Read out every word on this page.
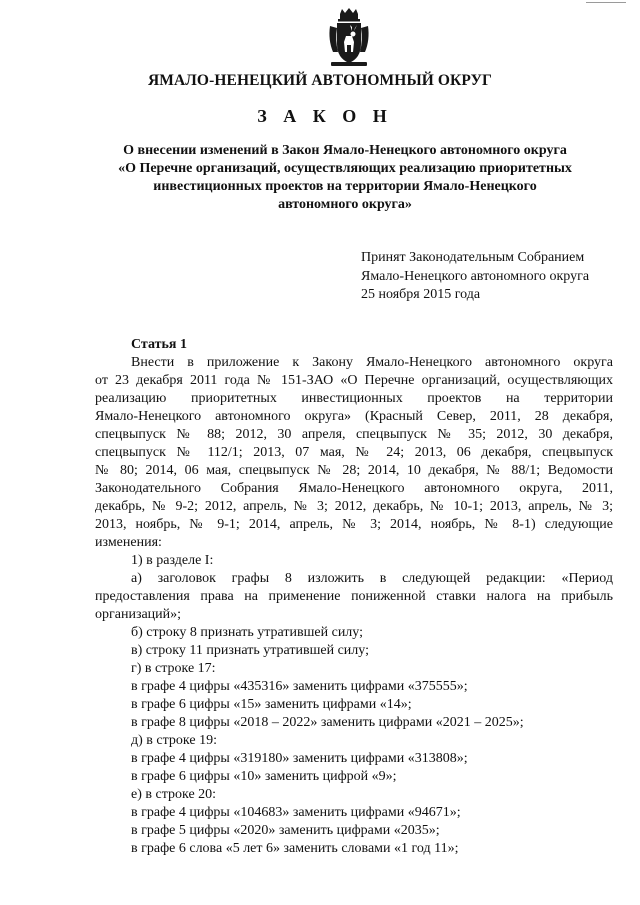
ЯМАЛО-НЕНЕЦКИЙ АВТОНОМНЫЙ ОКРУГ
З А К О Н
О внесении изменений в Закон Ямало-Ненецкого автономного округа
«О Перечне организаций, осуществляющих реализацию приоритетных
инвестиционных проектов на территории Ямало-Ненецкого
автономного округа»
Принят Законодательным Собранием
Ямало-Ненецкого автономного округа
25 ноября 2015 года
Статья 1
Внести в приложение к Закону Ямало-Ненецкого автономного округа
от 23 декабря 2011 года № 151-ЗАО «О Перечне организаций, осуществляющих
реализацию приоритетных инвестиционных проектов на территории
Ямало-Ненецкого автономного округа» (Красный Север, 2011, 28 декабря,
спецвыпуск № 88; 2012, 30 апреля, спецвыпуск № 35; 2012, 30 декабря,
спецвыпуск № 112/1; 2013, 07 мая, № 24; 2013, 06 декабря, спецвыпуск
№ 80; 2014, 06 мая, спецвыпуск № 28; 2014, 10 декабря, № 88/1; Ведомости
Законодательного Собрания Ямало-Ненецкого автономного округа, 2011,
декабрь, № 9-2; 2012, апрель, № 3; 2012, декабрь, № 10-1; 2013, апрель, № 3;
2013, ноябрь, № 9-1; 2014, апрель, № 3; 2014, ноябрь, № 8-1) следующие
изменения:
1) в разделе I:
а) заголовок графы 8 изложить в следующей редакции: «Период
предоставления права на применение пониженной ставки налога на прибыль
организаций»;
б) строку 8 признать утратившей силу;
в) строку 11 признать утратившей силу;
г) в строке 17:
в графе 4 цифры «435316» заменить цифрами «375555»;
в графе 6 цифры «15» заменить цифрами «14»;
в графе 8 цифры «2018 – 2022» заменить цифрами «2021 – 2025»;
д) в строке 19:
в графе 4 цифры «319180» заменить цифрами «313808»;
в графе 6 цифры «10» заменить цифрой «9»;
е) в строке 20:
в графе 4 цифры «104683» заменить цифрами «94671»;
в графе 5 цифры «2020» заменить цифрами «2035»;
в графе 6 слова «5 лет 6» заменить словами «1 год 11»;
